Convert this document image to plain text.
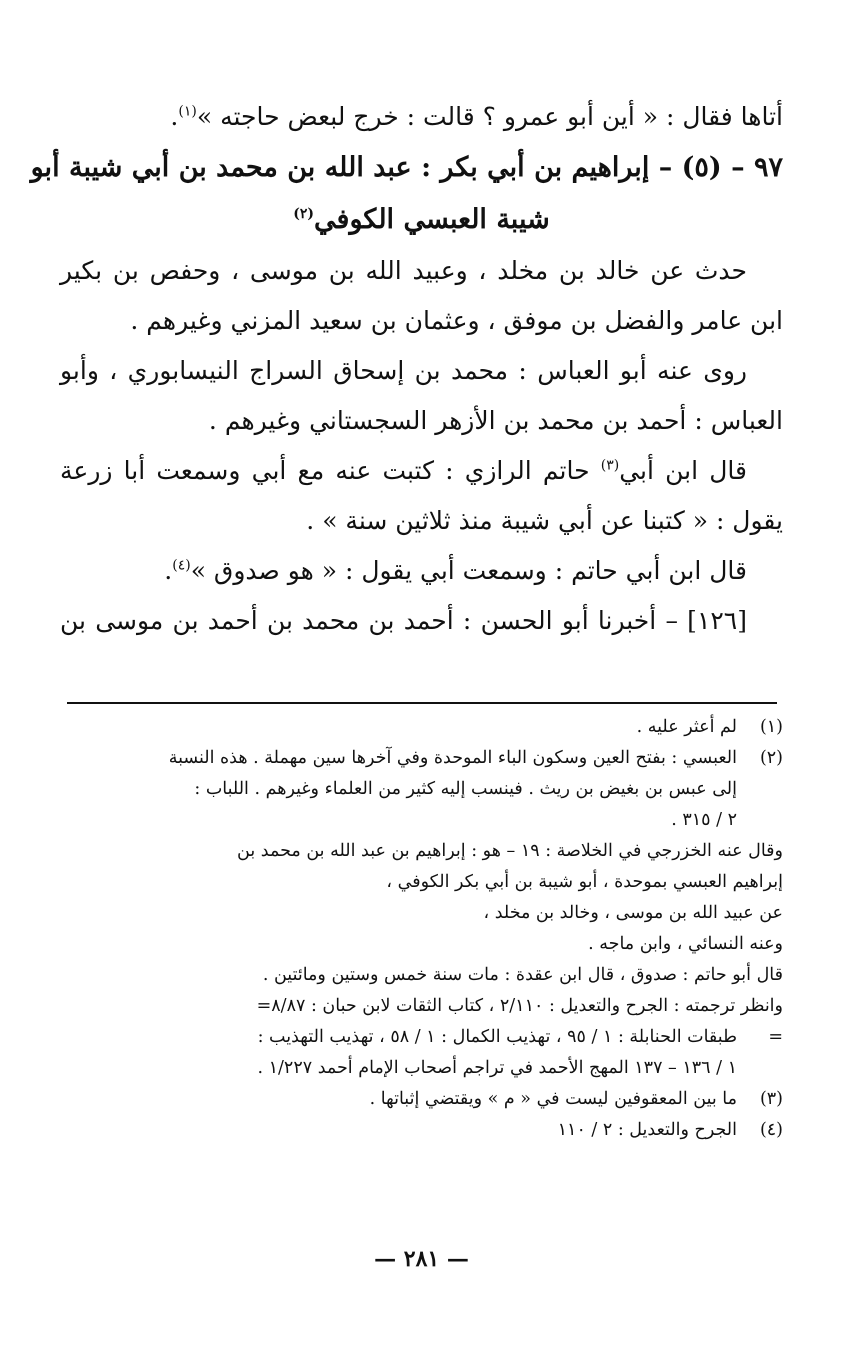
أتاها فقال : « أين أبو عمرو ؟ قالت : خرج لبعض حاجته »$^{(١)}$.
٩٧ – (٥) – إبراهيم بن أبي بكر : عبد الله بن محمد بن أبي شيبة أبو
شيبة العبسي الكوفي$^{(٢)}$
حدث عن خالد بن مخلد ، وعبيد الله بن موسى ، وحفص بن بكير
ابن عامر والفضل بن موفق ، وعثمان بن سعيد المزني وغيرهم .
روى عنه أبو العباس : محمد بن إسحاق السراج النيسابوري ، وأبو
العباس : أحمد بن محمد بن الأزهر السجستاني وغيرهم .
قال ابن أبي$^{(٣)}$ حاتم الرازي : كتبت عنه مع أبي وسمعت أبا زرعة
يقول : « كتبنا عن أبي شيبة منذ ثلاثين سنة » .
قال ابن أبي حاتم : وسمعت أبي يقول : « هو صدوق »$^{(٤)}$.
[١٢٦] – أخبرنا أبو الحسن : أحمد بن محمد بن أحمد بن موسى بن
(١)
لم أعثر عليه .
(٢)
العبسي : بفتح العين وسكون الباء الموحدة وفي آخرها سين مهملة . هذه النسبة
إلى عبس بن بغيض بن ريث . فينسب إليه كثير من العلماء وغيرهم . اللباب :
٢ / ٣١٥ .
وقال عنه الخزرجي في الخلاصة : ١٩ – هو : إبراهيم بن عبد الله بن محمد بن
إبراهيم العبسي بموحدة ، أبو شيبة بن أبي بكر الكوفي ،
عن عبيد الله بن موسى ، وخالد بن مخلد ،
وعنه النسائي ، وابن ماجه .
قال أبو حاتم : صدوق ، قال ابن عقدة : مات سنة خمس وستين ومائتين .
وانظر ترجمته : الجرح والتعديل : ٢/١١٠ ، كتاب الثقات لابن حبان : ٨/٨٧=
=
طبقات الحنابلة : ١ / ٩٥ ، تهذيب الكمال : ١ / ٥٨ ، تهذيب التهذيب :
١ / ١٣٦ – ١٣٧ المهج الأحمد في تراجم أصحاب الإمام أحمد ١/٢٢٧ .
(٣)
ما بين المعقوفين ليست في « م » ويقتضي إثباتها .
(٤)
الجرح والتعديل : ٢ / ١١٠
— ٢٨١ —
